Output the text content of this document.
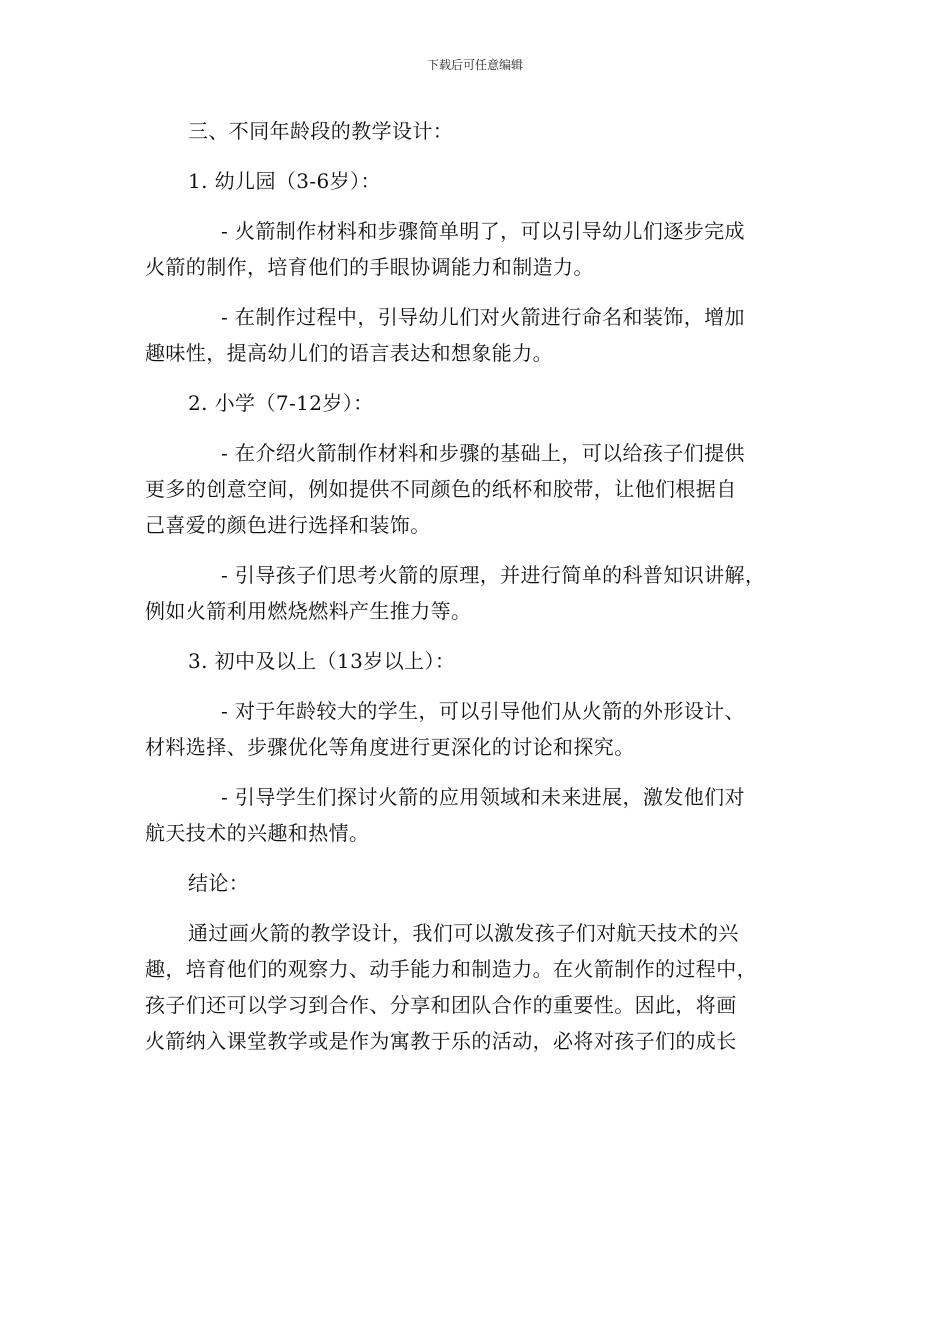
下载后可任意编辑

三、不同年龄段的教学设计：

1. 幼儿园（3-6岁）：

- 火箭制作材料和步骤简单明了，可以引导幼儿们逐步完成

火箭的制作，培育他们的手眼协调能力和制造力。

- 在制作过程中，引导幼儿们对火箭进行命名和装饰，增加

趣味性，提高幼儿们的语言表达和想象能力。

2. 小学（7-12岁）：

- 在介绍火箭制作材料和步骤的基础上，可以给孩子们提供

更多的创意空间，例如提供不同颜色的纸杯和胶带，让他们根据自

己喜爱的颜色进行选择和装饰。

- 引导孩子们思考火箭的原理，并进行简单的科普知识讲解，

例如火箭利用燃烧燃料产生推力等。

3. 初中及以上（13岁以上）：

- 对于年龄较大的学生，可以引导他们从火箭的外形设计、

材料选择、步骤优化等角度进行更深化的讨论和探究。

- 引导学生们探讨火箭的应用领域和未来进展，激发他们对

航天技术的兴趣和热情。

结论：

通过画火箭的教学设计，我们可以激发孩子们对航天技术的兴

趣，培育他们的观察力、动手能力和制造力。在火箭制作的过程中，

孩子们还可以学习到合作、分享和团队合作的重要性。因此，将画

火箭纳入课堂教学或是作为寓教于乐的活动，必将对孩子们的成长
